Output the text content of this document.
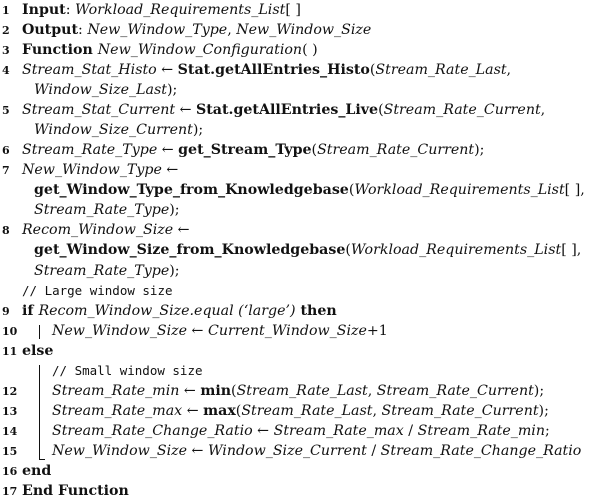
1 Input: Workload_Requirements_List[ ]
2 Output: New_Window_Type, New_Window_Size
3 Function New_Window_Configuration( )
4 Stream_Stat_Histo ← Stat.getAllEntries_Histo(Stream_Rate_Last,
Window_Size_Last);
5 Stream_Stat_Current ← Stat.getAllEntries_Live(Stream_Rate_Current,
Window_Size_Current);
6 Stream_Rate_Type ← get_Stream_Type(Stream_Rate_Current);
7 New_Window_Type ←
get_Window_Type_from_Knowledgebase(Workload_Requirements_List[ ],
Stream_Rate_Type);
8 Recom_Window_Size ←
get_Window_Size_from_Knowledgebase(Workload_Requirements_List[ ],
Stream_Rate_Type);
// Large window size
9 if Recom_Window_Size.equal (‘large’) then
10 New_Window_Size ← Current_Window_Size+1
11 else
// Small window size
12 Stream_Rate_min ← min(Stream_Rate_Last, Stream_Rate_Current);
13 Stream_Rate_max ← max(Stream_Rate_Last, Stream_Rate_Current);
14 Stream_Rate_Change_Ratio ← Stream_Rate_max / Stream_Rate_min;
15 New_Window_Size ← Window_Size_Current / Stream_Rate_Change_Ratio
16 end
17 End Function
